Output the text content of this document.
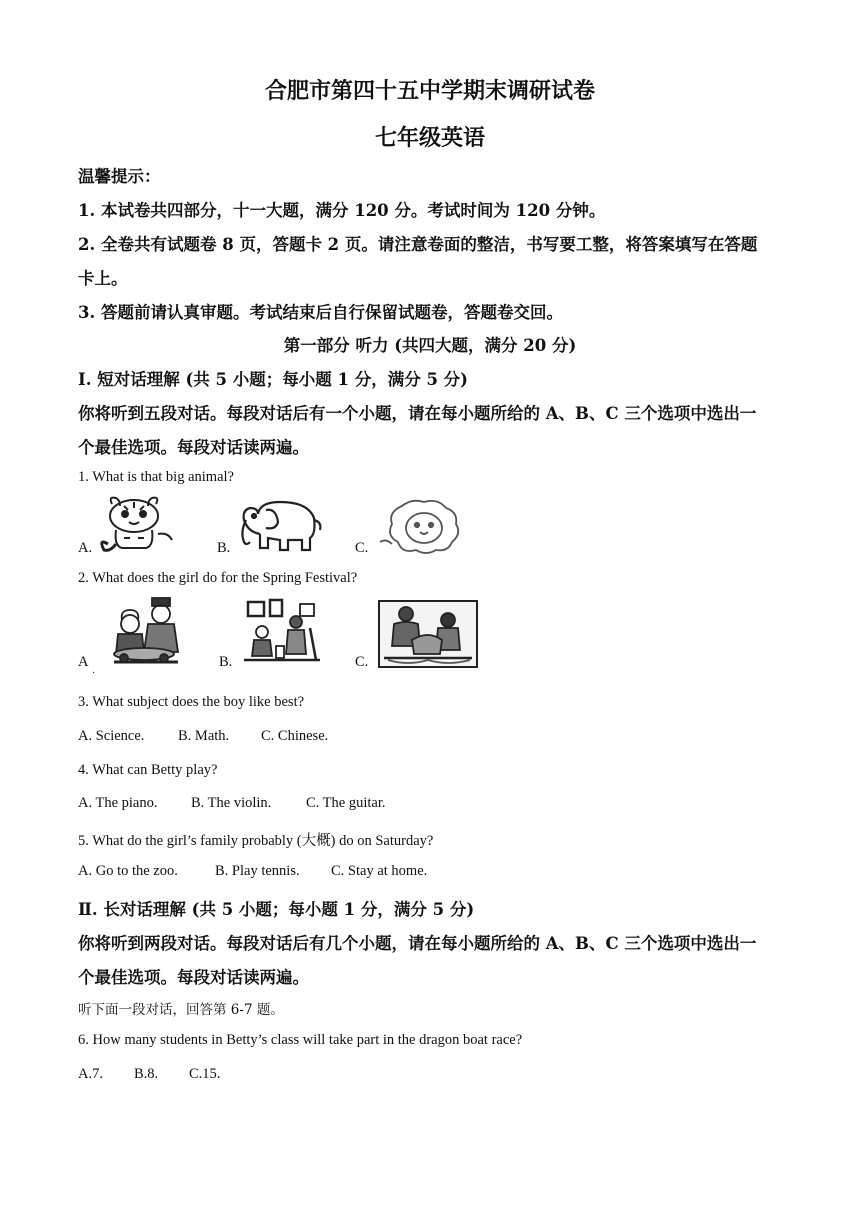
合肥市第四十五中学期末调研试卷
七年级英语
温馨提示：
1. 本试卷共四部分，十一大题，满分 120 分。考试时间为 120 分钟。
2. 全卷共有试题卷 8 页，答题卡 2 页。请注意卷面的整洁，书写要工整，将答案填写在答题
卡上。
3. 答题前请认真审题。考试结束后自行保留试题卷，答题卷交回。
第一部分 听力 (共四大题，满分 20 分)
I. 短对话理解 (共 5 小题；每小题 1 分，满分 5 分)
你将听到五段对话。每段对话后有一个小题，请在每小题所给的 A、B、C 三个选项中选出一
个最佳选项。每段对话读两遍。
1. What is that big animal?
A.	B.	C.
2. What does the girl do for the Spring Festival?
A
·
B.	C.
3. What subject does the boy like best?
A. Science. B. Math. C. Chinese.
4. What can Betty play?
A. The piano. B. The violin. C. The guitar.
5. What do the girl’s family probably (大概) do on Saturday?
A. Go to the zoo.	B. Play tennis. C. Stay at home.
Ⅱ. 长对话理解 (共 5 小题；每小题 1 分，满分 5 分)
你将听到两段对话。每段对话后有几个小题，请在每小题所给的 A、B、C 三个选项中选出一
个最佳选项。每段对话读两遍。
听下面一段对话，回答第 6-7 题。
6. How many students in Betty’s class will take part in the dragon boat race?
A.7. B.8. C.15.
